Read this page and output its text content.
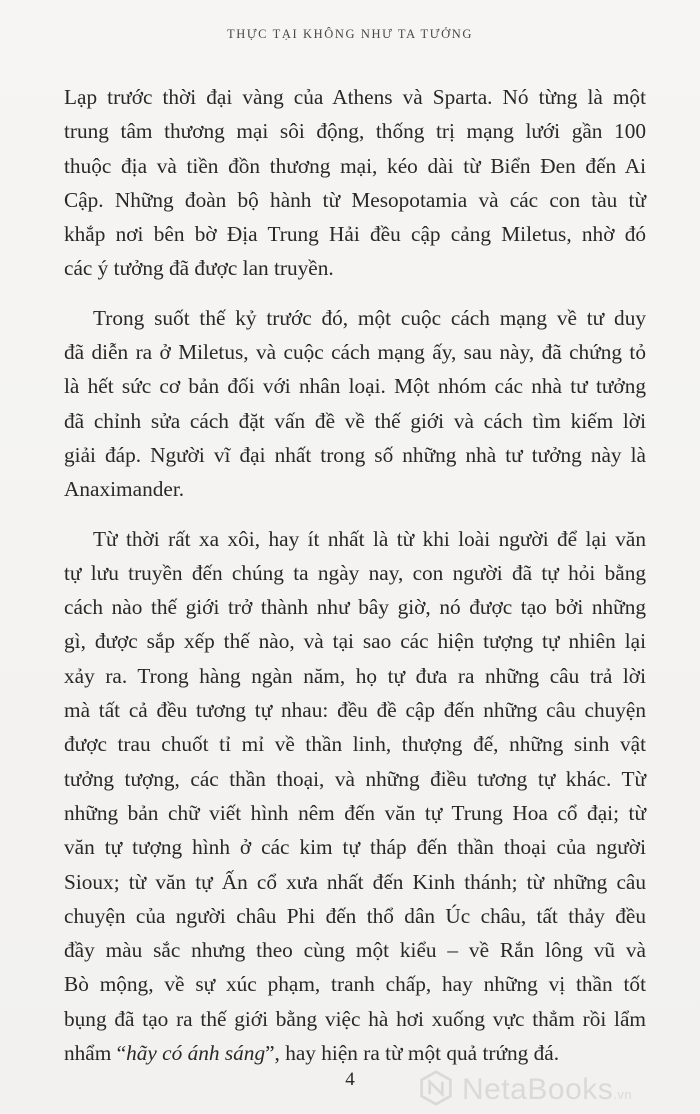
THỰC TẠI KHÔNG NHƯ TA TƯỞNG
Lạp trước thời đại vàng của Athens và Sparta. Nó từng là một
trung tâm thương mại sôi động, thống trị mạng lưới gần 100
thuộc địa và tiền đồn thương mại, kéo dài từ Biển Đen đến Ai
Cập. Những đoàn bộ hành từ Mesopotamia và các con tàu từ
khắp nơi bên bờ Địa Trung Hải đều cập cảng Miletus, nhờ đó
các ý tưởng đã được lan truyền.
Trong suốt thế kỷ trước đó, một cuộc cách mạng về tư duy
đã diễn ra ở Miletus, và cuộc cách mạng ấy, sau này, đã chứng tỏ
là hết sức cơ bản đối với nhân loại. Một nhóm các nhà tư tưởng
đã chỉnh sửa cách đặt vấn đề về thế giới và cách tìm kiếm lời
giải đáp. Người vĩ đại nhất trong số những nhà tư tưởng này là
Anaximander.
Từ thời rất xa xôi, hay ít nhất là từ khi loài người để lại văn
tự lưu truyền đến chúng ta ngày nay, con người đã tự hỏi bằng
cách nào thế giới trở thành như bây giờ, nó được tạo bởi những
gì, được sắp xếp thế nào, và tại sao các hiện tượng tự nhiên lại
xảy ra. Trong hàng ngàn năm, họ tự đưa ra những câu trả lời
mà tất cả đều tương tự nhau: đều đề cập đến những câu chuyện
được trau chuốt tỉ mỉ về thần linh, thượng đế, những sinh vật
tưởng tượng, các thần thoại, và những điều tương tự khác. Từ
những bản chữ viết hình nêm đến văn tự Trung Hoa cổ đại; từ
văn tự tượng hình ở các kim tự tháp đến thần thoại của người
Sioux; từ văn tự Ấn cổ xưa nhất đến Kinh thánh; từ những câu
chuyện của người châu Phi đến thổ dân Úc châu, tất thảy đều
đầy màu sắc nhưng theo cùng một kiểu – về Rắn lông vũ và
Bò mộng, về sự xúc phạm, tranh chấp, hay những vị thần tốt
bụng đã tạo ra thế giới bằng việc hà hơi xuống vực thẳm rồi lẩm
nhẩm “hãy có ánh sáng”, hay hiện ra từ một quả trứng đá.
4	NetaBooks.vn
